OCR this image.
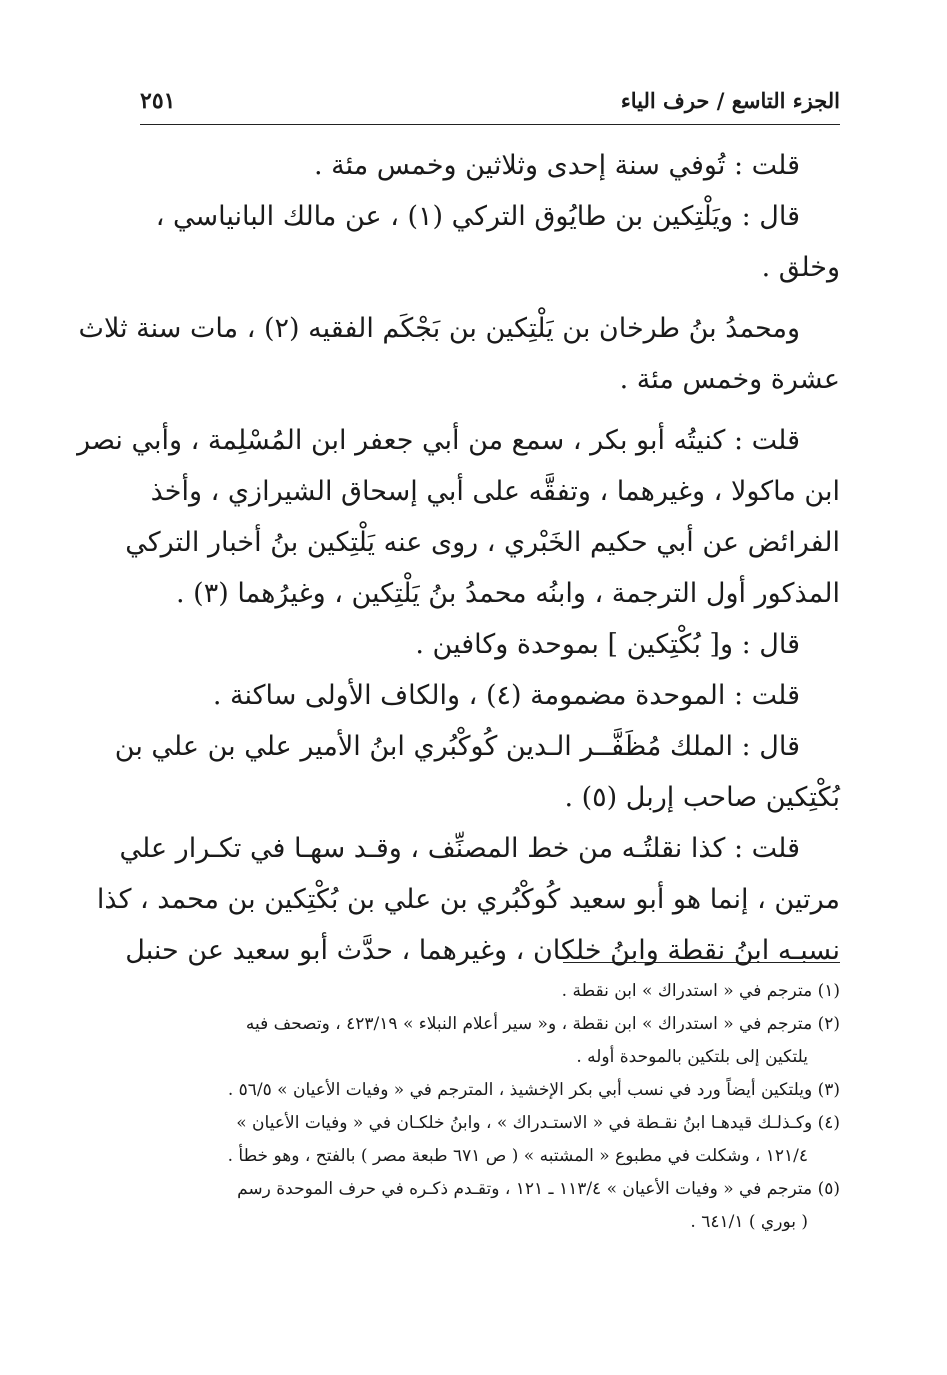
الجزء التاسع / حرف الياء
٢٥١
قلت : تُوفي سنة إحدى وثلاثين وخمس مئة .
قال : ويَلْتِكين بن طايُوق التركي (١) ، عن مالك البانياسي ،
وخلق .
ومحمدُ بنُ طرخان بن يَلْتِكين بن بَجْكَم الفقيه (٢) ، مات سنة ثلاث
عشرة وخمس مئة .
قلت : كنيتُه أبو بكر ، سمع من أبي جعفر ابن المُسْلِمة ، وأبي نصر
ابن ماكولا ، وغيرهما ، وتفقَّه على أبي إسحاق الشيرازي ، وأخذ
الفرائض عن أبي حكيم الخَبْري ، روى عنه يَلْتِكين بنُ أخبار التركي
المذكور أول الترجمة ، وابنُه محمدُ بنُ يَلْتِكين ، وغيرُهما (٣) .
قال : و[ بُكْتِكين ] بموحدة وكافين .
قلت : الموحدة مضمومة (٤) ، والكاف الأولى ساكنة .
قال : الملك مُظَفَّــر الـدين كُوكْبُري ابنُ الأمير علي بن علي بن
بُكْتِكين صاحب إربل (٥) .
قلت : كذا نقلتُـه من خط المصنِّف ، وقـد سهـا في تكـرار علي
مرتين ، إنما هو أبو سعيد كُوكْبُري بن علي بن بُكْتِكين بن محمد ، كذا
نسبـه ابنُ نقطة وابنُ خلكان ، وغيرهما ، حدَّث أبو سعيد عن حنبل
(١) مترجم في « استدراك » ابن نقطة .
(٢) مترجم في « استدراك » ابن نقطة ، و« سير أعلام النبلاء » ٤٢٣/١٩ ، وتصحف فيه
يلتكين إلى بلتكين بالموحدة أوله .
(٣) ويلتكين أيضاً ورد في نسب أبي بكر الإخشيذ ، المترجم في « وفيات الأعيان » ٥٦/٥ .
(٤) وكـذلـك قيدهـا ابنُ نقـطة في « الاستـدراك » ، وابنُ خلكـان في « وفيات الأعيان »
١٢١/٤ ، وشكلت في مطبوع « المشتبه » ( ص ٦٧١ طبعة مصر ) بالفتح ، وهو خطأ .
(٥) مترجم في « وفيات الأعيان » ١١٣/٤ ـ ١٢١ ، وتقـدم ذكـره في حرف الموحدة رسم
( بوري ) ٦٤١/١ .
